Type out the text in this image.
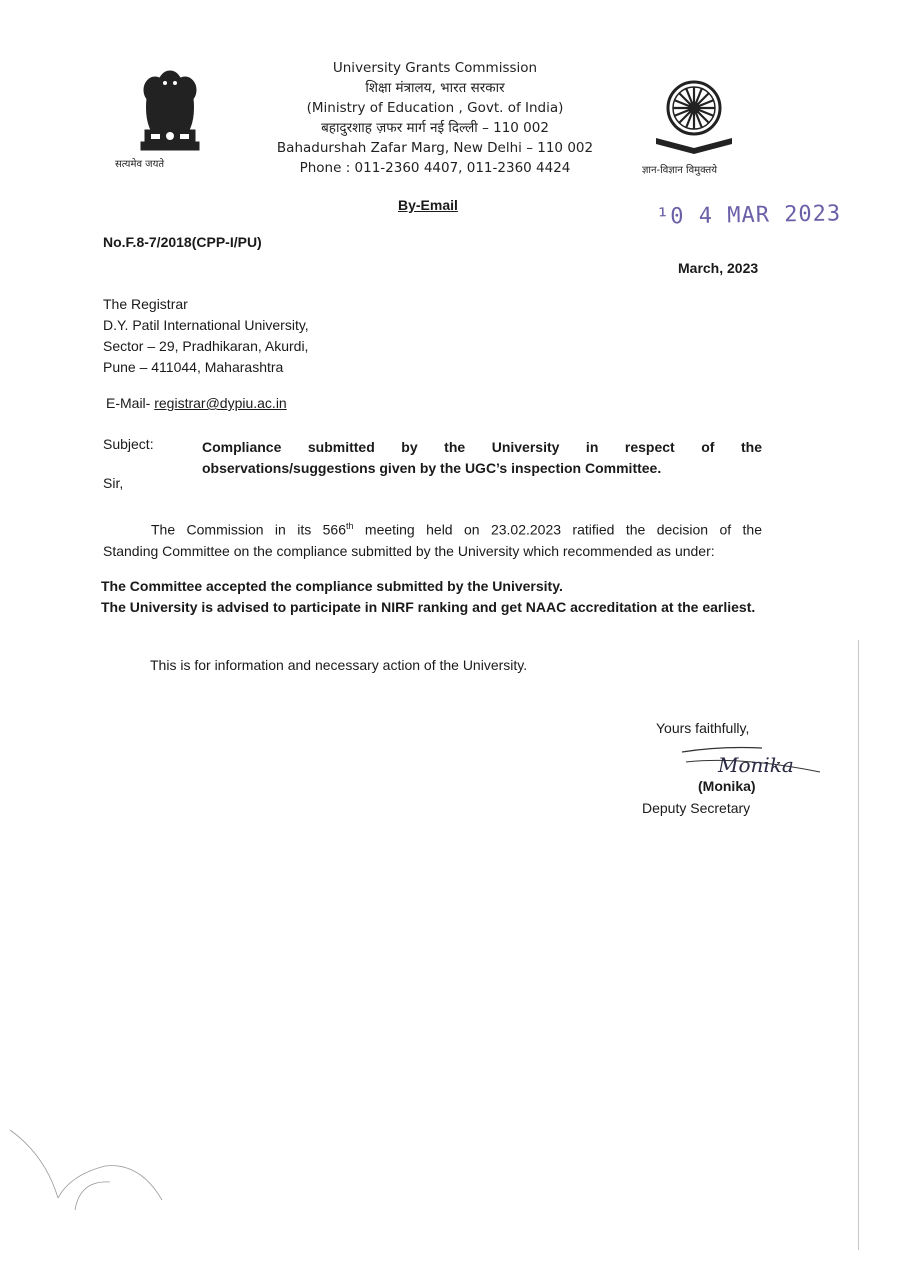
सत्यमेव जयते
University Grants Commission
शिक्षा मंत्रालय, भारत सरकार
(Ministry of Education , Govt. of India)
बहादुरशाह ज़फर मार्ग नई दिल्ली – 110 002
Bahadurshah Zafar Marg, New Delhi – 110 002
Phone : 011-2360 4407, 011-2360 4424	ज्ञान-विज्ञान विमुक्तये
By-Email
No.F.8-7/2018(CPP-I/PU)
¹0 4 MAR 2023
March, 2023
The Registrar
D.Y. Patil International University,
Sector – 29, Pradhikaran, Akurdi,
Pune – 411044, Maharashtra
E-Mail- registrar@dypiu.ac.in
Subject:	Compliance submitted by the University in respect of the
observations/suggestions given by the UGC’s inspection Committee.
Sir,
The Commission in its 566th meeting held on 23.02.2023 ratified the decision of the
Standing Committee on the compliance submitted by the University which recommended as under:
The Committee accepted the compliance submitted by the University.
The University is advised to participate in NIRF ranking and get NAAC accreditation at the earliest.
This is for information and necessary action of the University.
Yours faithfully,
Monika
(Monika)
Deputy Secretary
